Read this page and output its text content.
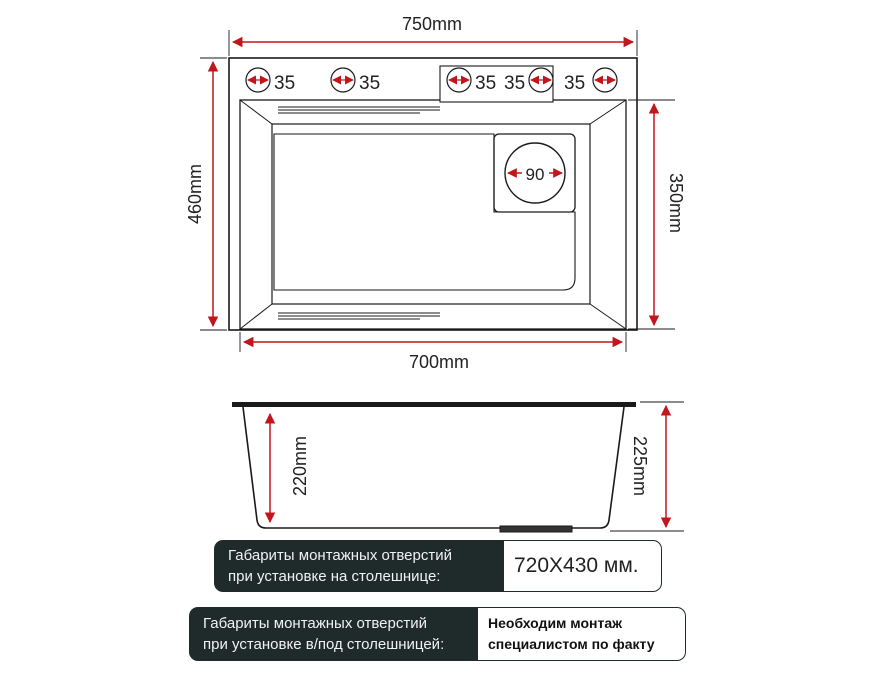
90
35	35	35 35 35
750mm
460mm	350mm
700mm
220mm	225mm
Габариты монтажных отверстий
при установке на столешнице:	720X430 мм.
Габариты монтажных отверстий
при установке в/под столешницей:
Необходим монтаж
специалистом по факту
